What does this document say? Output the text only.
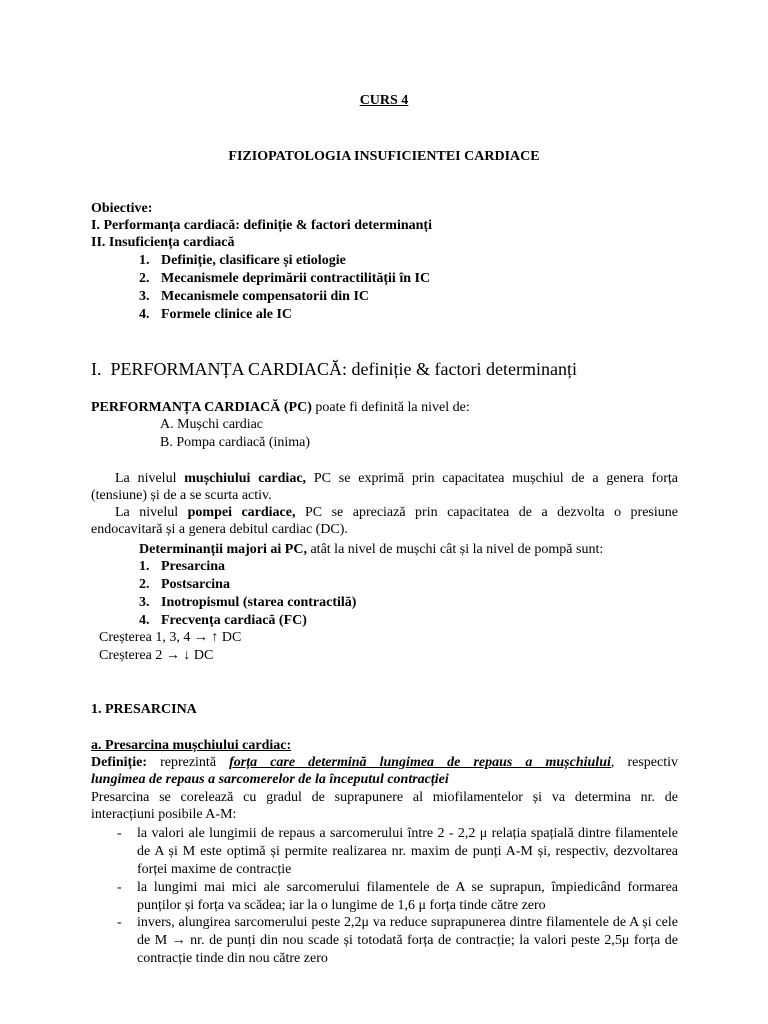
CURS 4
FIZIOPATOLOGIA INSUFICIENTEI CARDIACE
Obiective:
I. Performanța cardiacă: definiție & factori determinanți
II. Insuficiența cardiacă
1. Definiție, clasificare și etiologie
2. Mecanismele deprimării contractilității în IC
3. Mecanismele compensatorii din IC
4. Formele clinice ale IC
I. PERFORMANȚA CARDIACĂ: definiție & factori determinanți
PERFORMANȚA CARDIACĂ (PC) poate fi definită la nivel de:
A. Mușchi cardiac
B. Pompa cardiacă (inima)
La nivelul mușchiului cardiac, PC se exprimă prin capacitatea mușchiul de a genera forța
(tensiune) și de a se scurta activ.
La nivelul pompei cardiace, PC se apreciază prin capacitatea de a dezvolta o presiune
endocavitară și a genera debitul cardiac (DC).
Determinanții majori ai PC, atât la nivel de mușchi cât și la nivel de pompă sunt:
1. Presarcina
2. Postsarcina
3. Inotropismul (starea contractilă)
4. Frecvența cardiacă (FC)
Creșterea 1, 3, 4 → ↑ DC
Creșterea 2 → ↓ DC
1. PRESARCINA
a. Presarcina mușchiului cardiac:
Definiție: reprezintă forța care determină lungimea de repaus a mușchiului, respectiv
lungimea de repaus a sarcomerelor de la începutul contracției
Presarcina se corelează cu gradul de suprapunere al miofilamentelor și va determina nr. de
interacțiuni posibile A-M:
- la valori ale lungimii de repaus a sarcomerului între 2 - 2,2 μ relația spațială dintre filamentele de A și M este optimă și permite realizarea nr. maxim de punți A-M și, respectiv, dezvoltarea forței maxime de contracție
- la lungimi mai mici ale sarcomerului filamentele de A se suprapun, împiedicând formarea punților și forța va scădea; iar la o lungime de 1,6 μ forța tinde către zero
- invers, alungirea sarcomerului peste 2,2μ va reduce suprapunerea dintre filamentele de A și cele de M → nr. de punți din nou scade și totodată forța de contracție; la valori peste 2,5μ forța de contracție tinde din nou către zero
